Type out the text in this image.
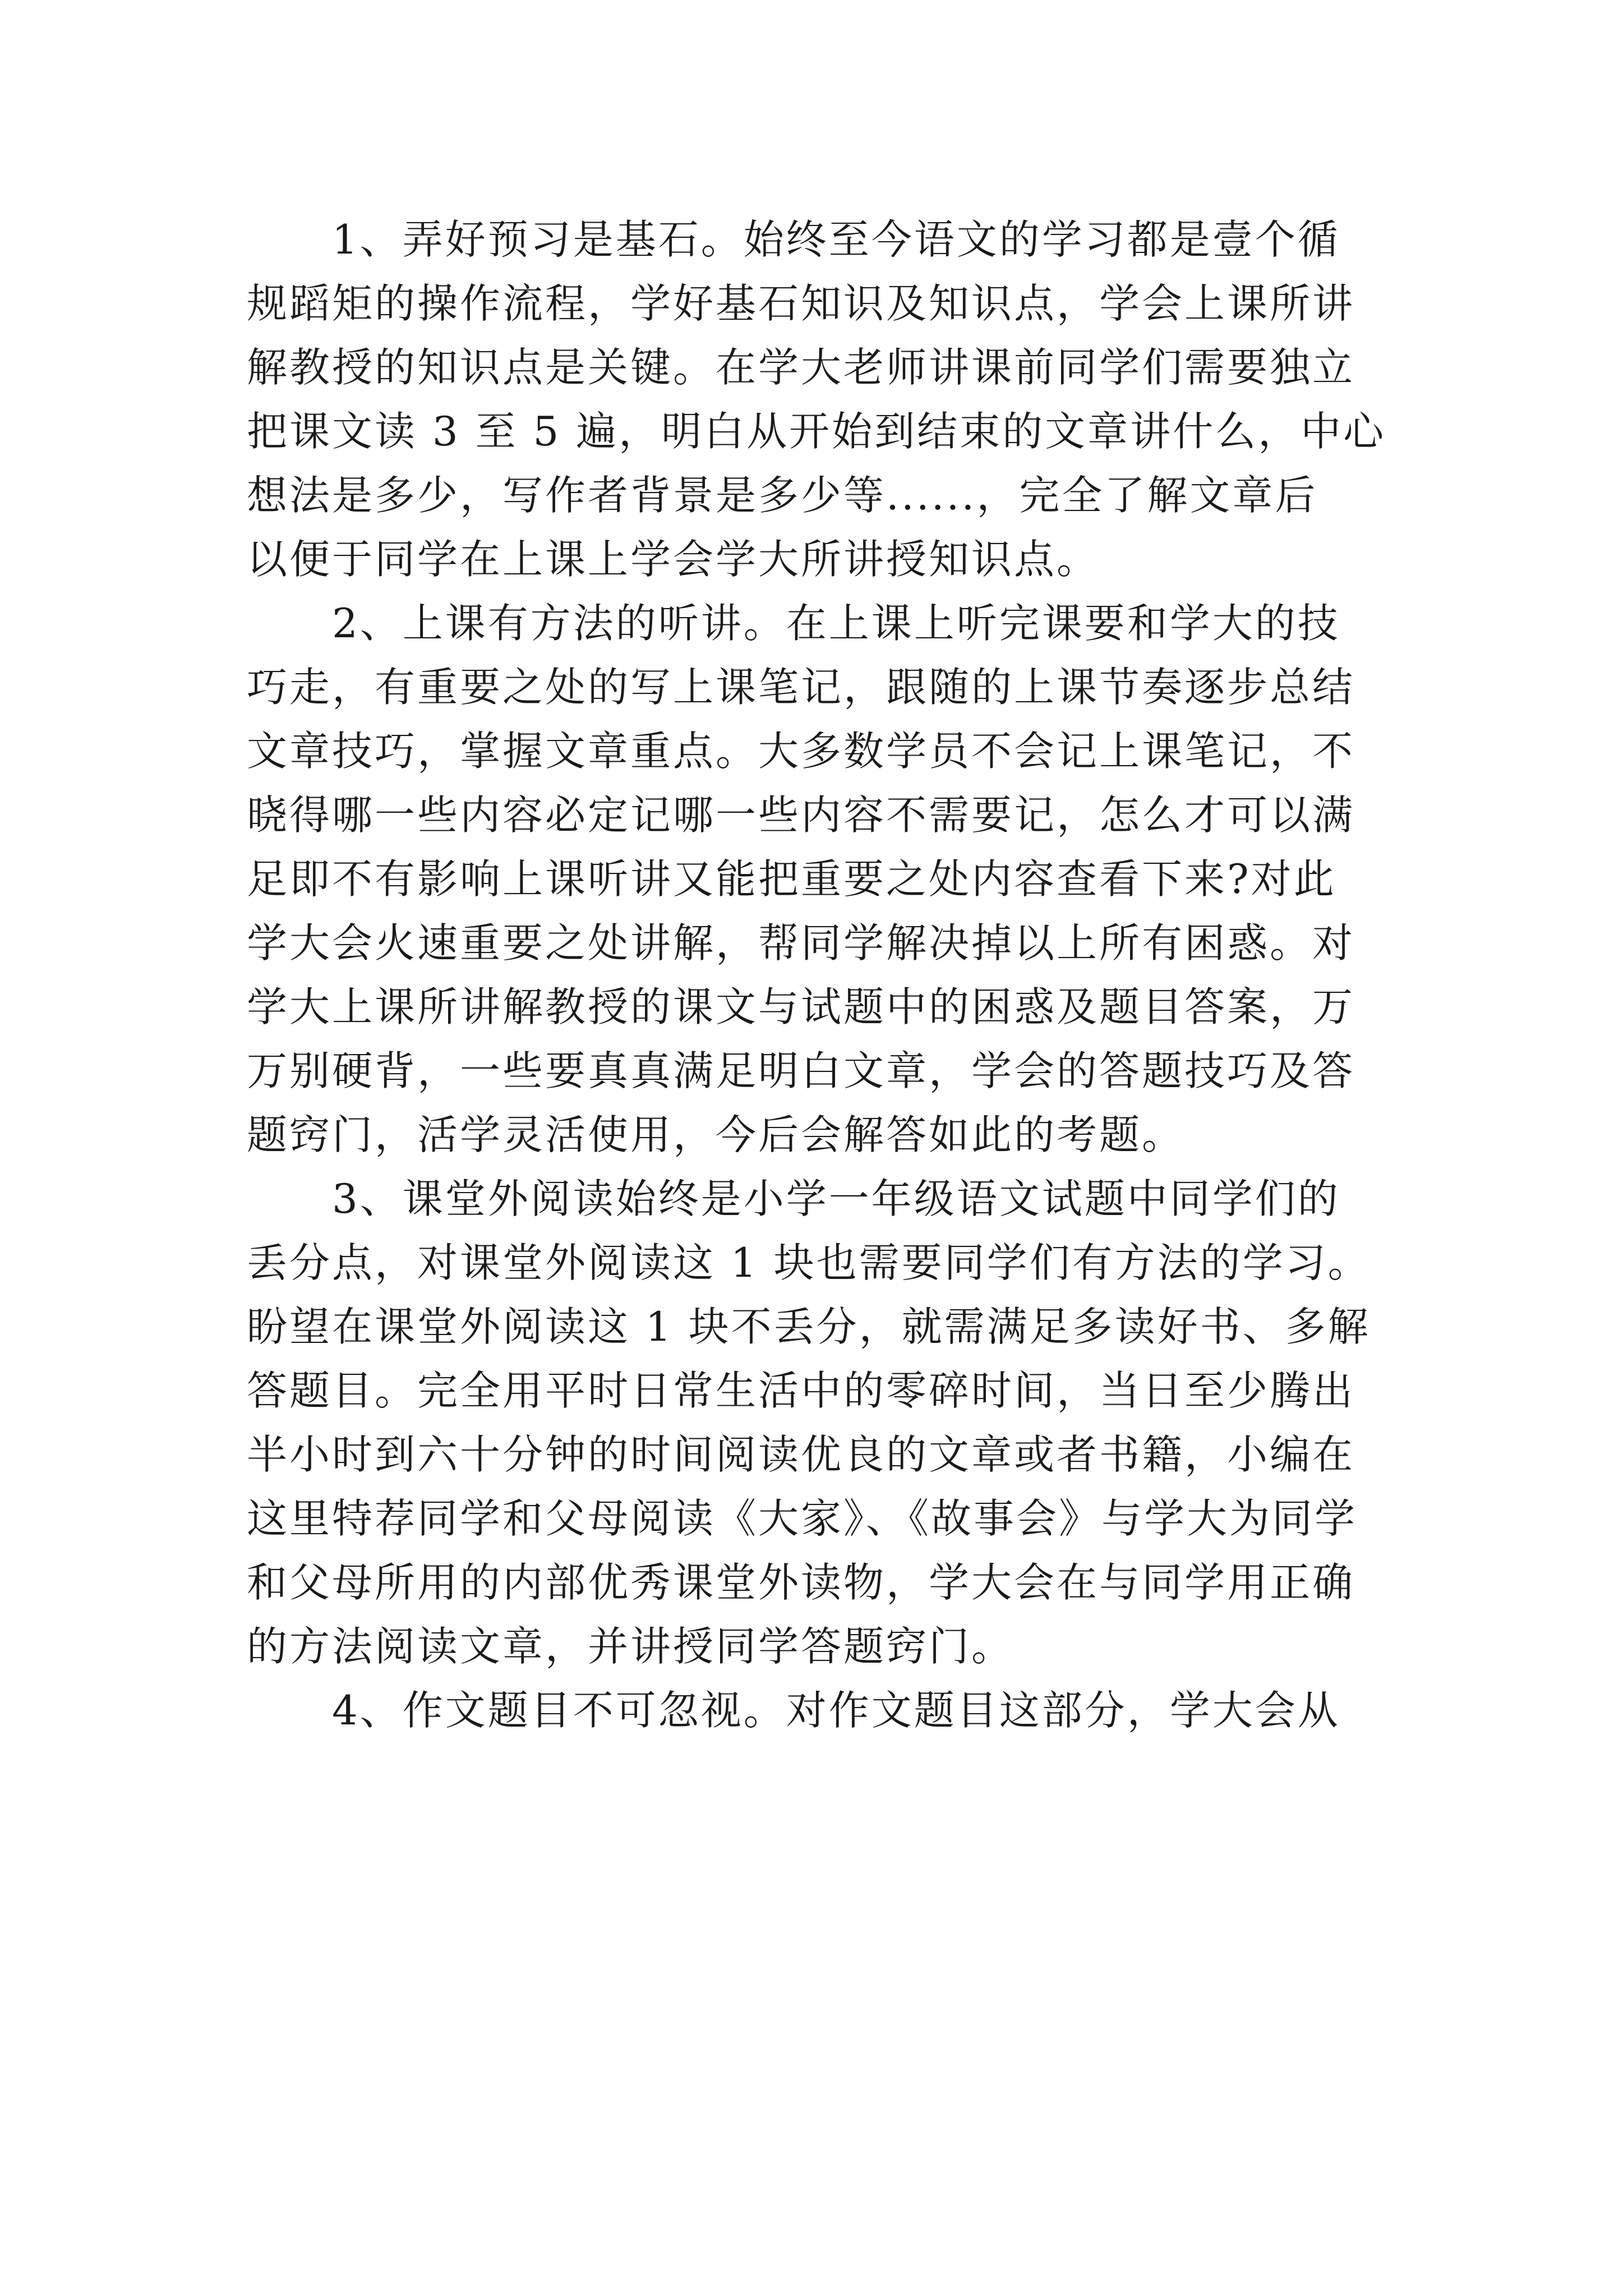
　　1、弄好预习是基石。始终至今语文的学习都是壹个循
规蹈矩的操作流程，学好基石知识及知识点，学会上课所讲
解教授的知识点是关键。在学大老师讲课前同学们需要独立
把课文读 3 至 5 遍，明白从开始到结束的文章讲什么，中心
想法是多少，写作者背景是多少等......，完全了解文章后
以便于同学在上课上学会学大所讲授知识点。
　　2、上课有方法的听讲。在上课上听完课要和学大的技
巧走，有重要之处的写上课笔记，跟随的上课节奏逐步总结
文章技巧，掌握文章重点。大多数学员不会记上课笔记，不
晓得哪一些内容必定记哪一些内容不需要记，怎么才可以满
足即不有影响上课听讲又能把重要之处内容查看下来?对此
学大会火速重要之处讲解，帮同学解决掉以上所有困惑。对
学大上课所讲解教授的课文与试题中的困惑及题目答案，万
万别硬背，一些要真真满足明白文章，学会的答题技巧及答
题窍门，活学灵活使用，今后会解答如此的考题。
　　3、课堂外阅读始终是小学一年级语文试题中同学们的
丢分点，对课堂外阅读这 1 块也需要同学们有方法的学习。
盼望在课堂外阅读这 1 块不丢分，就需满足多读好书、多解
答题目。完全用平时日常生活中的零碎时间，当日至少腾出
半小时到六十分钟的时间阅读优良的文章或者书籍，小编在
这里特荐同学和父母阅读《大家》、《故事会》与学大为同学
和父母所用的内部优秀课堂外读物，学大会在与同学用正确
的方法阅读文章，并讲授同学答题窍门。
　　4、作文题目不可忽视。对作文题目这部分，学大会从
